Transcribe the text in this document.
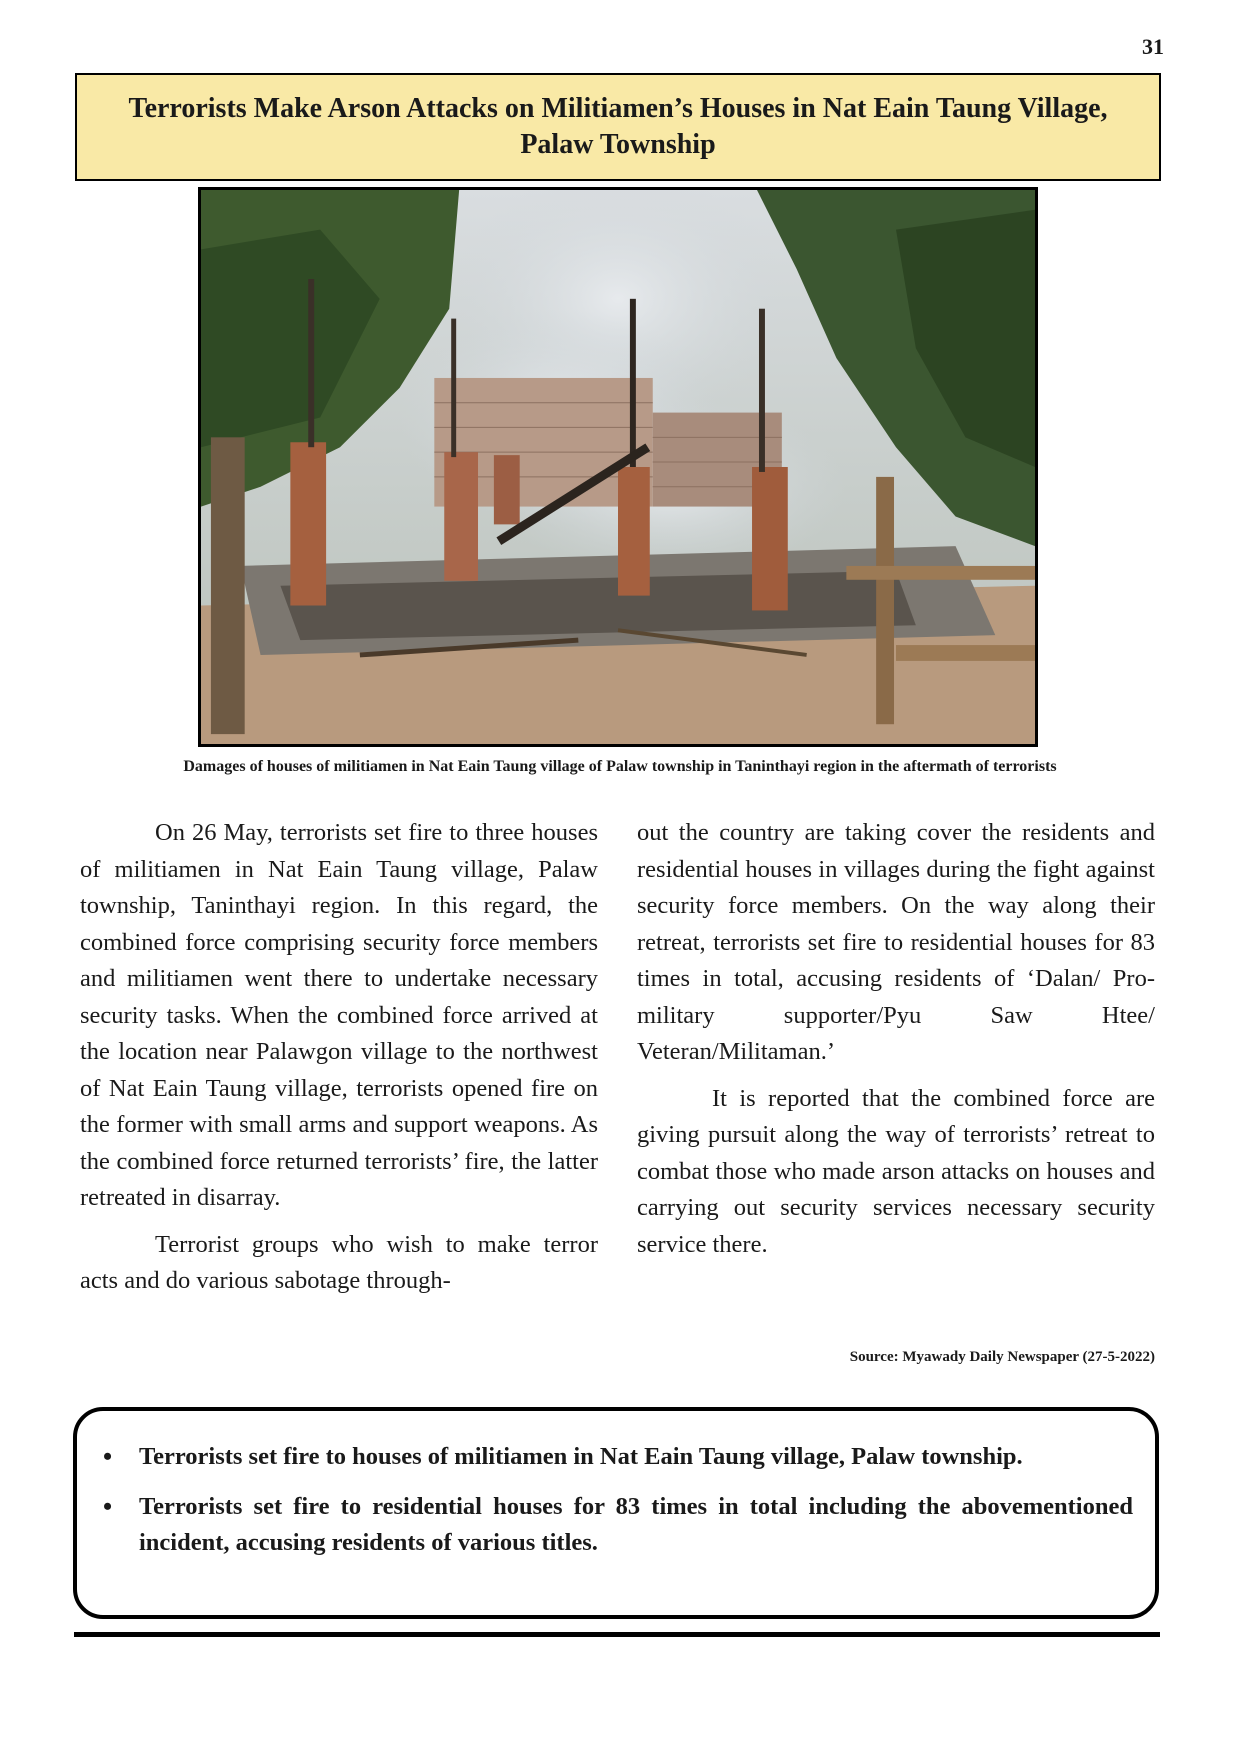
31
Terrorists Make Arson Attacks on Militiamen’s Houses in Nat Eain Taung Village, Palaw Township
Damages of houses of militiamen in Nat Eain Taung village of Palaw township in Taninthayi region in the aftermath of terrorists

On 26 May, terrorists set fire to three houses of militiamen in Nat Eain Taung village, Palaw township, Taninthayi region. In this regard, the combined force comprising security force members and militiamen went there to undertake necessary security tasks. When the combined force arrived at the location near Palawgon village to the northwest of Nat Eain Taung village, terrorists opened fire on the former with small arms and support weapons. As the combined force returned terrorists’ fire, the latter retreated in disarray.

Terrorist groups who wish to make terror acts and do various sabotage through-

out the country are taking cover the residents and residential houses in villages during the fight against security force members. On the way along their retreat, terrorists set fire to residential houses for 83 times in total, accusing residents of ‘Dalan/ Pro-military supporter/Pyu Saw Htee/ Veteran/Militaman.’

It is reported that the combined force are giving pursuit along the way of terrorists’ retreat to combat those who made arson attacks on houses and carrying out security services necessary security service there.

Source: Myawady Daily Newspaper (27-5-2022)
• Terrorists set fire to houses of militiamen in Nat Eain Taung village, Palaw township.
• Terrorists set fire to residential houses for 83 times in total including the abovementioned incident, accusing residents of various titles.
